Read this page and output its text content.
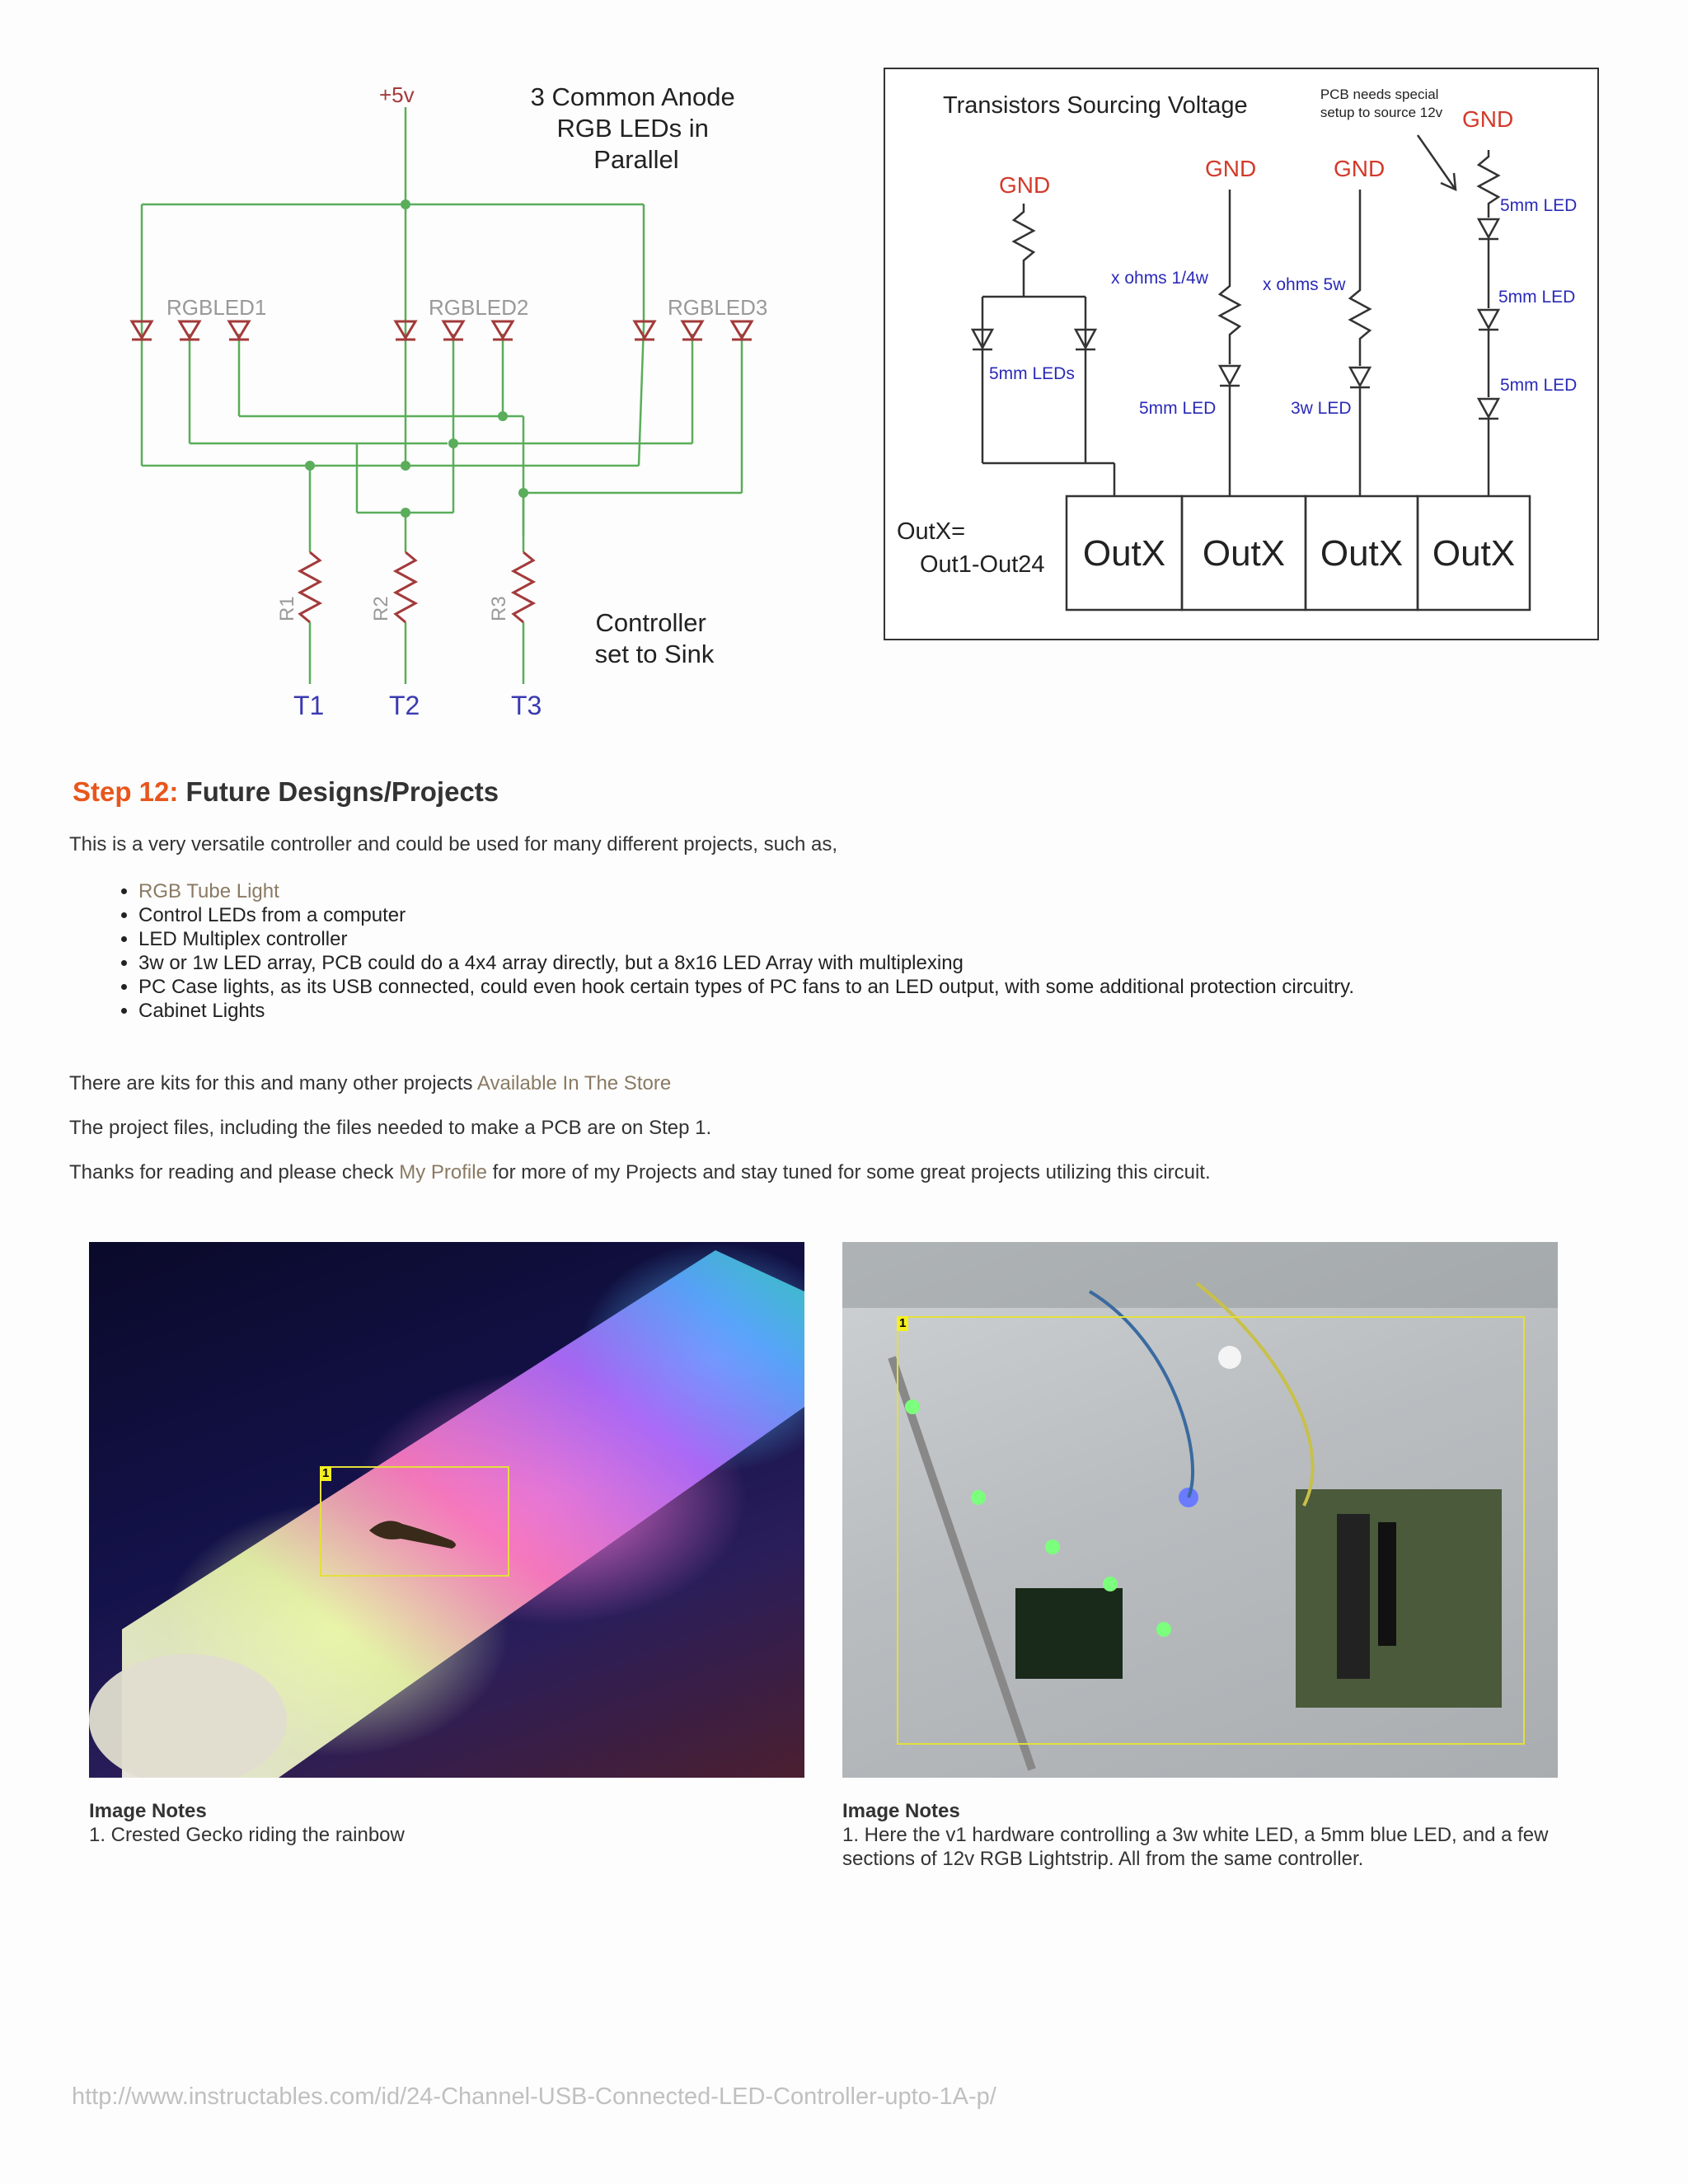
+5v	3 Common Anode RGB LEDs in Parallel
RGBLED1	RGBLED2	RGBLED3
R1	R2	R3
T1 T2	T3
Controller set to Sink
Transistors Sourcing Voltage	PCB needs special setup to source 12v
GND
GND	GND
GND
5mm LEDs
5mm LED	3w LED
x ohms 1/4w	x ohms 5w
5mm LED
5mm LED
5mm LED
OutX=
Out1-Out24 OutX OutX OutX OutX
Step 12: Future Designs/Projects

This is a very versatile controller and could be used for many different projects, such as,

• RGB Tube Light
• Control LEDs from a computer
• LED Multiplex controller
• 3w or 1w LED array, PCB could do a 4x4 array directly, but a 8x16 LED Array with multiplexing
• PC Case lights, as its USB connected, could even hook certain types of PC fans to an LED output, with some additional protection circuitry.
• Cabinet Lights

There are kits for this and many other projects Available In The Store

The project files, including the files needed to make a PCB are on Step 1.

Thanks for reading and please check My Profile for more of my Projects and stay tuned for some great projects utilizing this circuit.

1
1
Image Notes
1. Crested Gecko riding the rainbow
Image Notes
1. Here the v1 hardware controlling a 3w white LED, a 5mm blue LED, and a few sections of 12v RGB Lightstrip. All from the same controller.
http://www.instructables.com/id/24-Channel-USB-Connected-LED-Controller-upto-1A-p/
